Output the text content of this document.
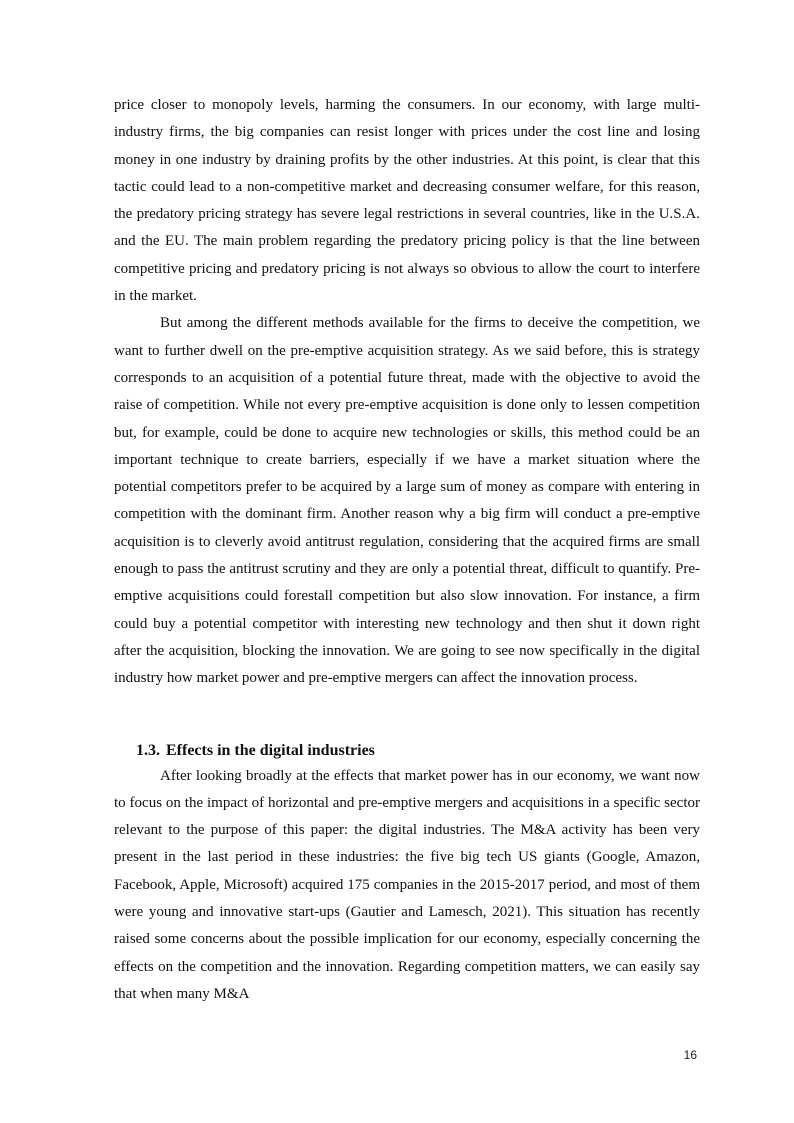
price closer to monopoly levels, harming the consumers. In our economy, with large multi-industry firms, the big companies can resist longer with prices under the cost line and losing money in one industry by draining profits by the other industries. At this point, is clear that this tactic could lead to a non-competitive market and decreasing consumer welfare, for this reason, the predatory pricing strategy has severe legal restrictions in several countries, like in the U.S.A. and the EU. The main problem regarding the predatory pricing policy is that the line between competitive pricing and predatory pricing is not always so obvious to allow the court to interfere in the market.

But among the different methods available for the firms to deceive the competition, we want to further dwell on the pre-emptive acquisition strategy. As we said before, this is strategy corresponds to an acquisition of a potential future threat, made with the objective to avoid the raise of competition. While not every pre-emptive acquisition is done only to lessen competition but, for example, could be done to acquire new technologies or skills, this method could be an important technique to create barriers, especially if we have a market situation where the potential competitors prefer to be acquired by a large sum of money as compare with entering in competition with the dominant firm. Another reason why a big firm will conduct a pre-emptive acquisition is to cleverly avoid antitrust regulation, considering that the acquired firms are small enough to pass the antitrust scrutiny and they are only a potential threat, difficult to quantify. Pre-emptive acquisitions could forestall competition but also slow innovation. For instance, a firm could buy a potential competitor with interesting new technology and then shut it down right after the acquisition, blocking the innovation. We are going to see now specifically in the digital industry how market power and pre-emptive mergers can affect the innovation process.

1.3. Effects in the digital industries

After looking broadly at the effects that market power has in our economy, we want now to focus on the impact of horizontal and pre-emptive mergers and acquisitions in a specific sector relevant to the purpose of this paper: the digital industries. The M&A activity has been very present in the last period in these industries: the five big tech US giants (Google, Amazon, Facebook, Apple, Microsoft) acquired 175 companies in the 2015-2017 period, and most of them were young and innovative start-ups (Gautier and Lamesch, 2021). This situation has recently raised some concerns about the possible implication for our economy, especially concerning the effects on the competition and the innovation. Regarding competition matters, we can easily say that when many M&A

16
